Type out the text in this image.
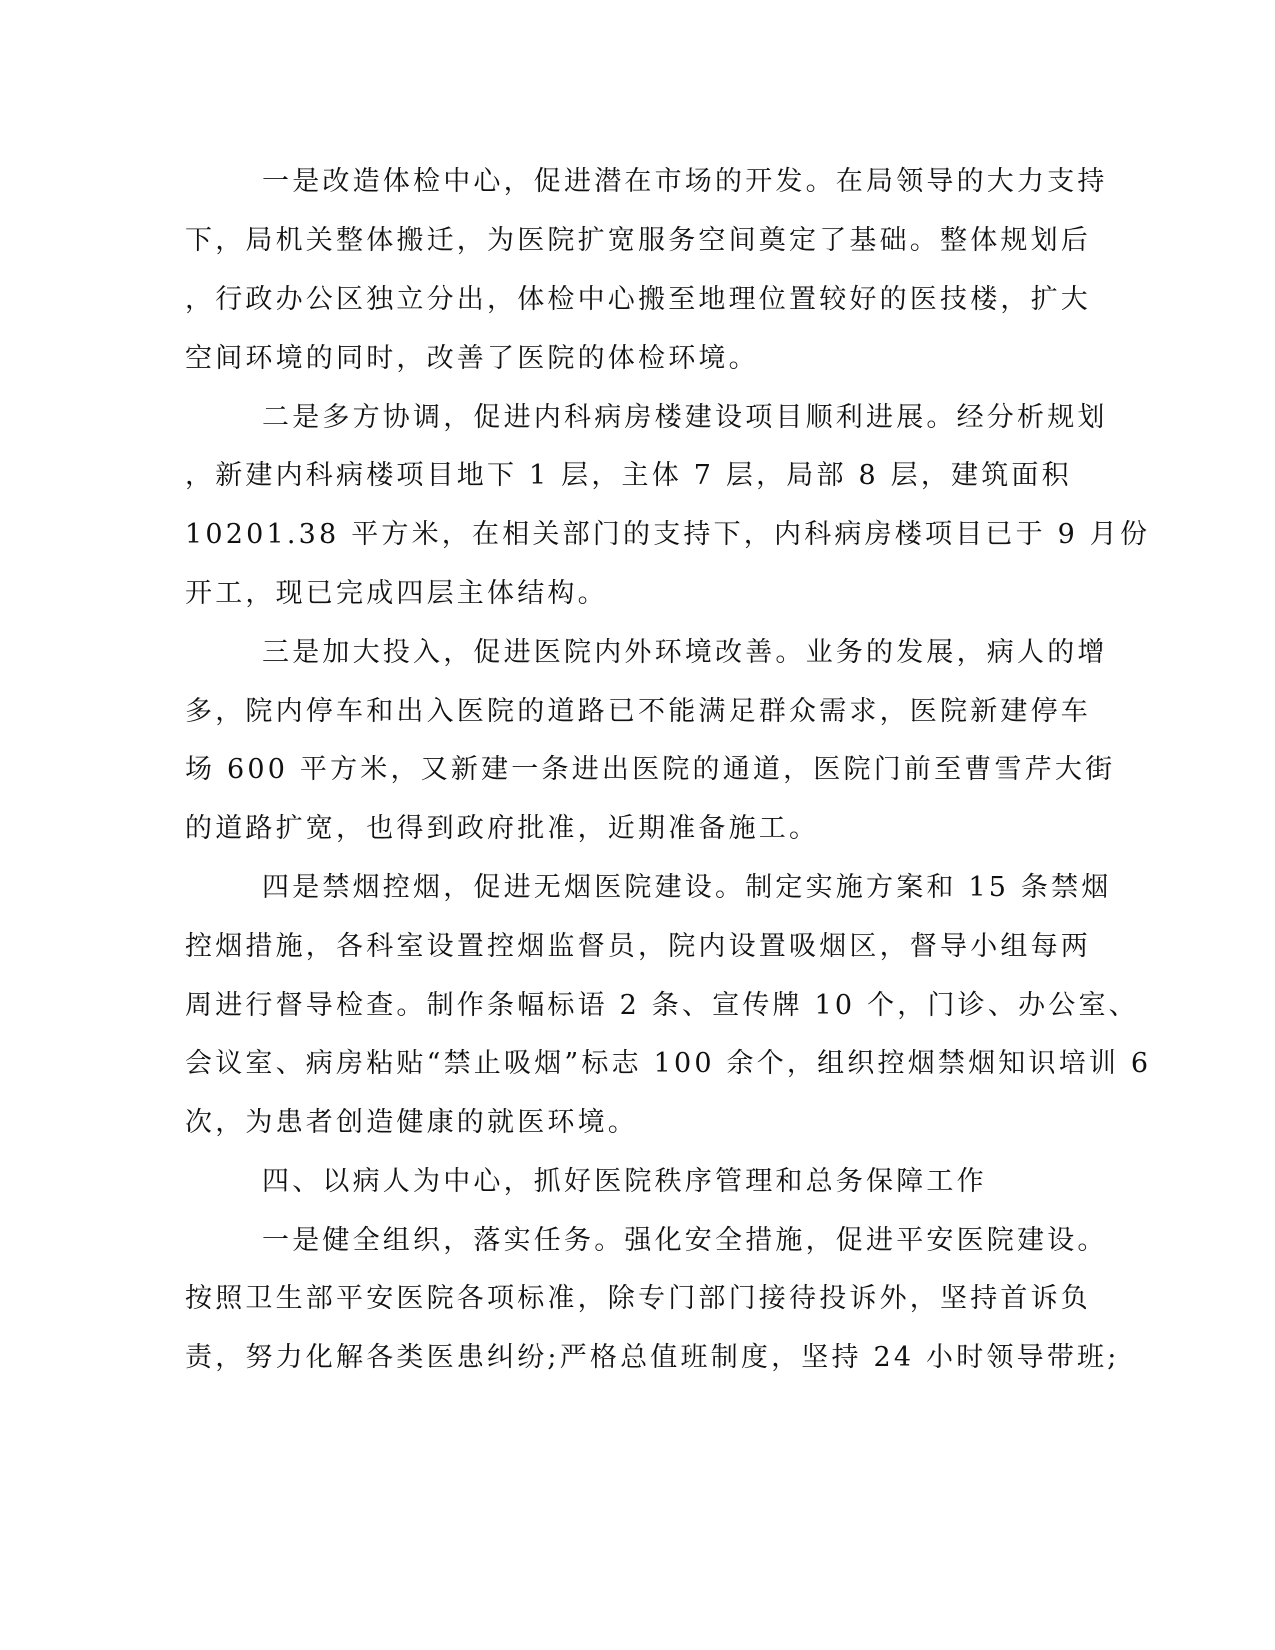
一是改造体检中心，促进潜在市场的开发。在局领导的大力支持
下，局机关整体搬迁，为医院扩宽服务空间奠定了基础。整体规划后
，行政办公区独立分出，体检中心搬至地理位置较好的医技楼，扩大
空间环境的同时，改善了医院的体检环境。
二是多方协调，促进内科病房楼建设项目顺利进展。经分析规划
，新建内科病楼项目地下 1 层，主体 7 层，局部 8 层，建筑面积
10201.38 平方米，在相关部门的支持下，内科病房楼项目已于 9 月份
开工，现已完成四层主体结构。
三是加大投入，促进医院内外环境改善。业务的发展，病人的增
多，院内停车和出入医院的道路已不能满足群众需求，医院新建停车
场 600 平方米，又新建一条进出医院的通道，医院门前至曹雪芹大街
的道路扩宽，也得到政府批准，近期准备施工。
四是禁烟控烟，促进无烟医院建设。制定实施方案和 15 条禁烟
控烟措施，各科室设置控烟监督员，院内设置吸烟区，督导小组每两
周进行督导检查。制作条幅标语 2 条、宣传牌 10 个，门诊、办公室、
会议室、病房粘贴“禁止吸烟”标志 100 余个，组织控烟禁烟知识培训 6
次，为患者创造健康的就医环境。
四、以病人为中心，抓好医院秩序管理和总务保障工作
一是健全组织，落实任务。强化安全措施，促进平安医院建设。
按照卫生部平安医院各项标准，除专门部门接待投诉外，坚持首诉负
责，努力化解各类医患纠纷;严格总值班制度，坚持 24 小时领导带班;
